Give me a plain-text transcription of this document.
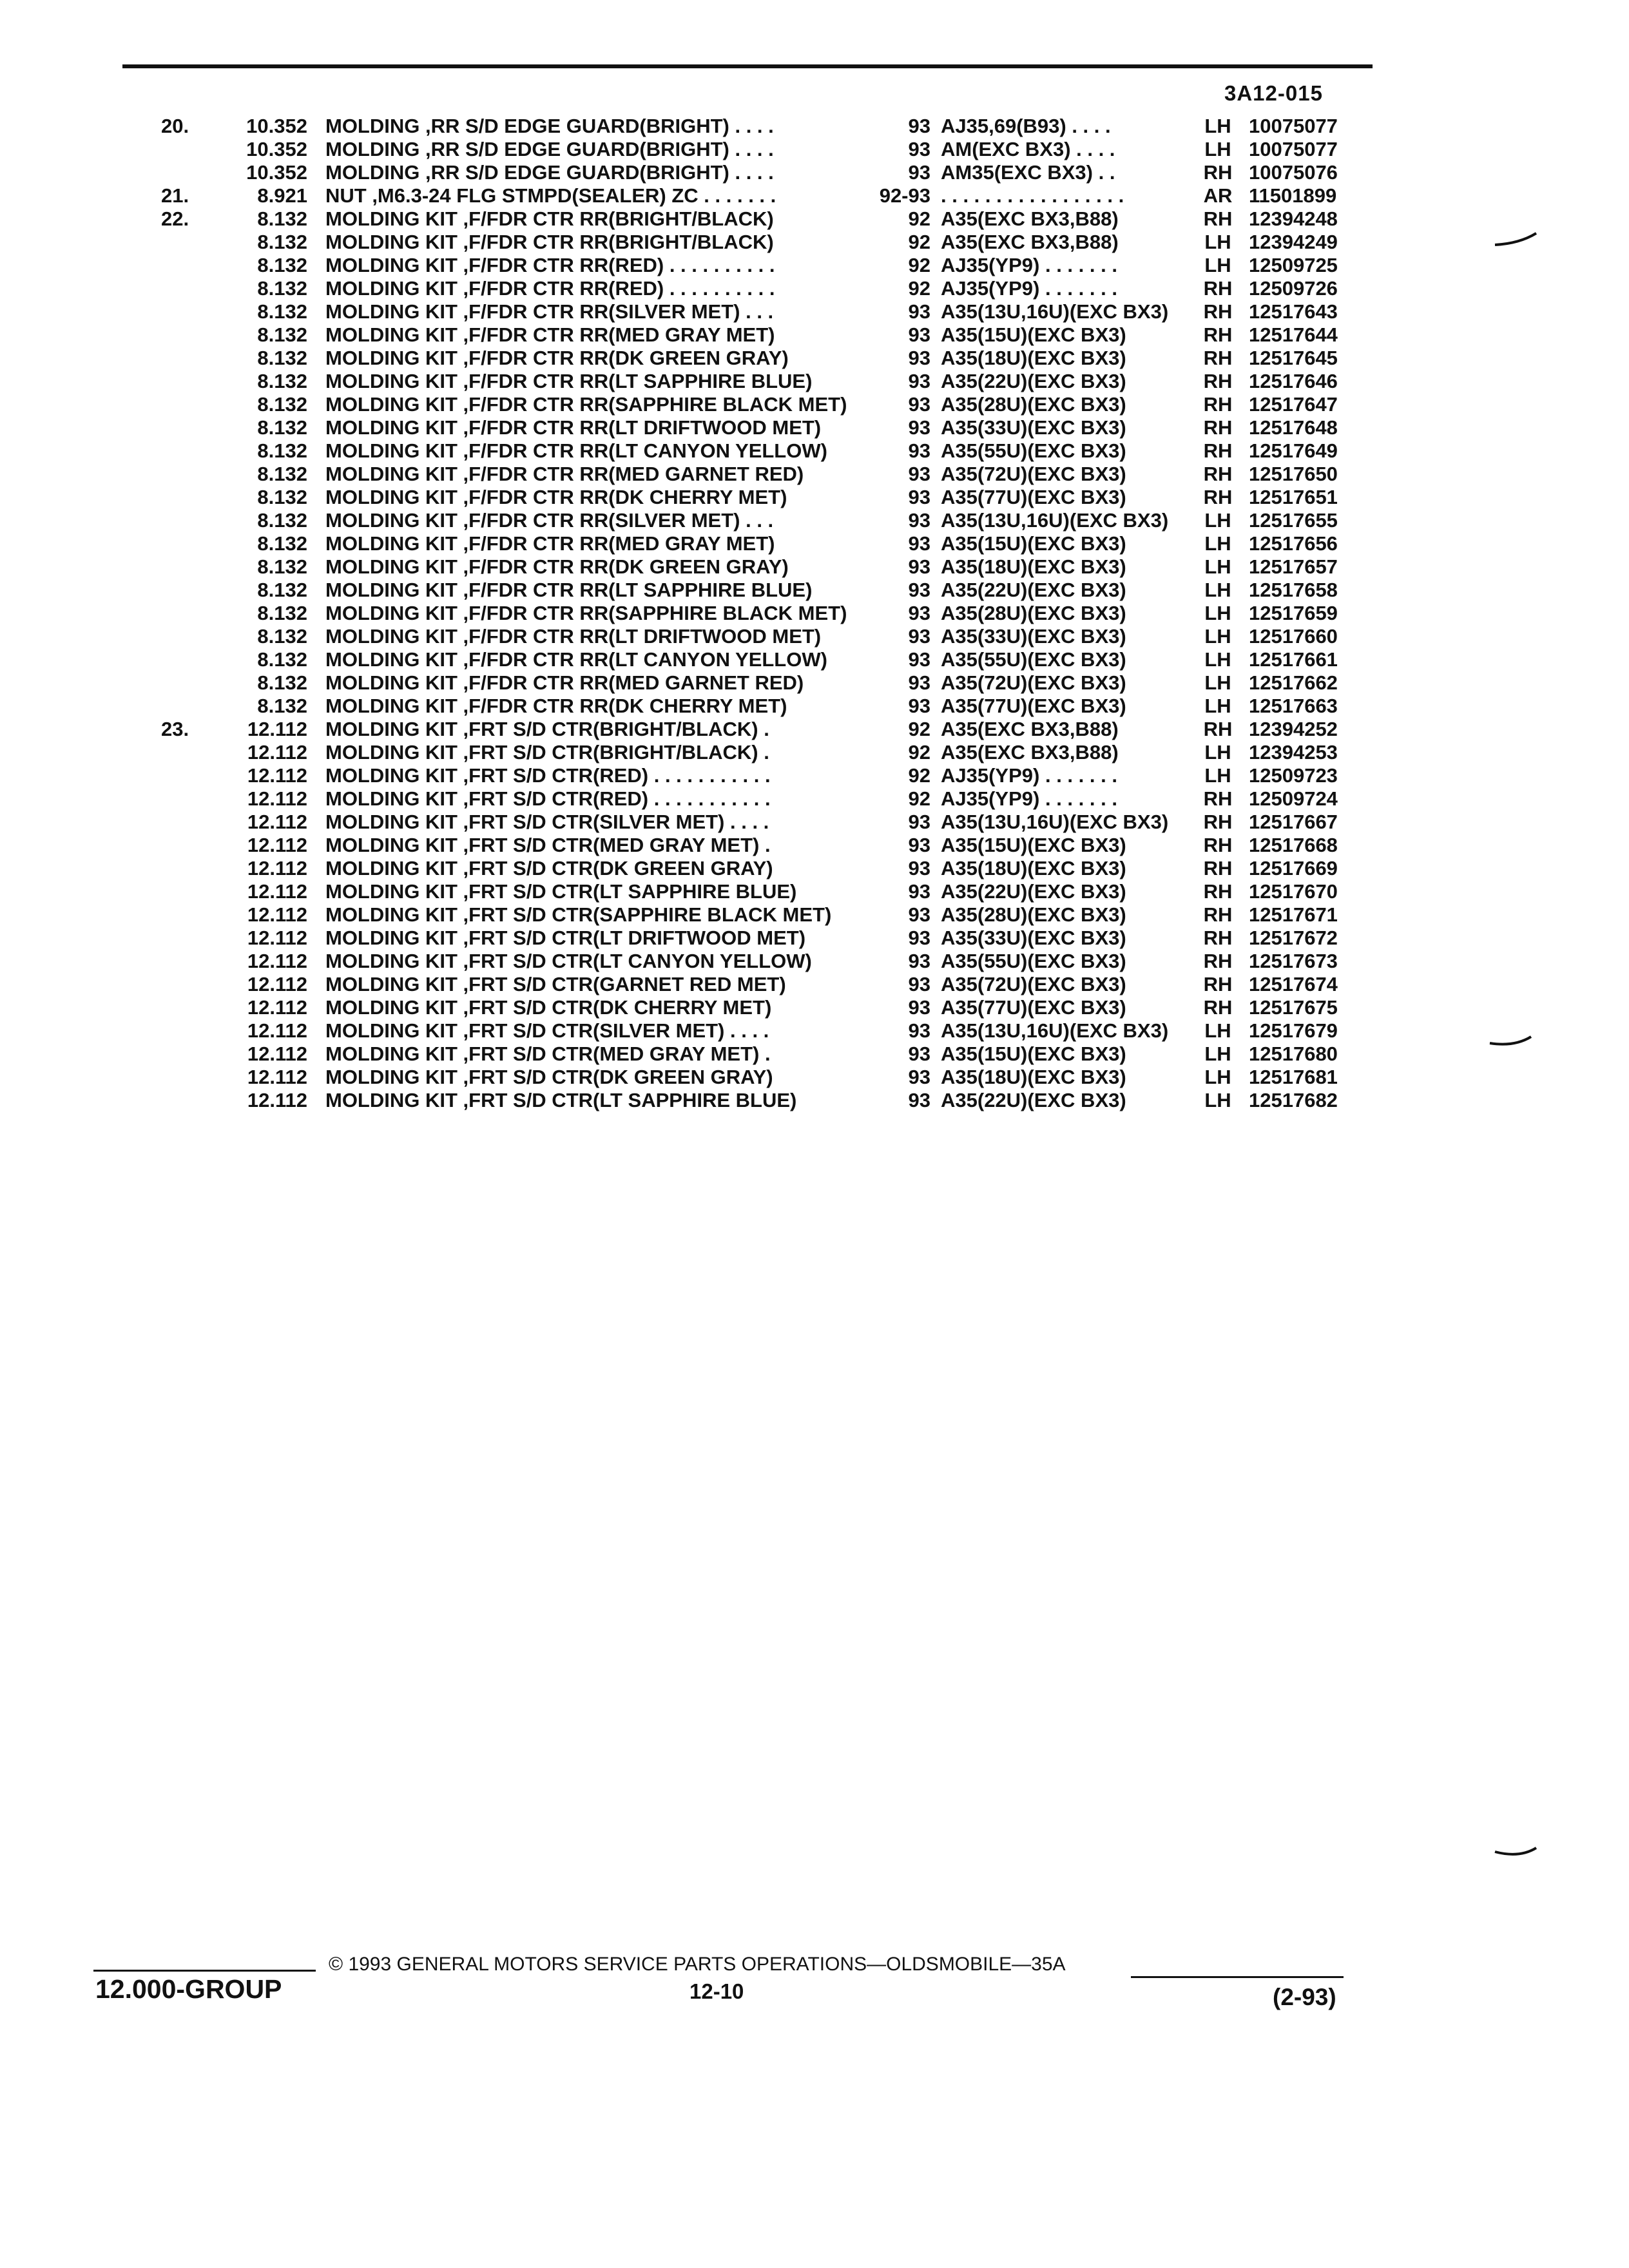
3A12-015
20.	10.352	MOLDING ,RR S/D EDGE GUARD(BRIGHT) . . . .	93	AJ35,69(B93) . . . .	LH	10075077
	10.352	MOLDING ,RR S/D EDGE GUARD(BRIGHT) . . . .	93	AM(EXC BX3) . . . .	LH	10075077
	10.352	MOLDING ,RR S/D EDGE GUARD(BRIGHT) . . . .	93	AM35(EXC BX3) . .	RH	10075076
21.	8.921	NUT ,M6.3-24 FLG STMPD(SEALER) ZC . . . . . . .	92-93	. . . . . . . . . . . . . . . . .	AR	11501899
22.	8.132	MOLDING KIT ,F/FDR CTR RR(BRIGHT/BLACK)	92	A35(EXC BX3,B88)	RH	12394248
	8.132	MOLDING KIT ,F/FDR CTR RR(BRIGHT/BLACK)	92	A35(EXC BX3,B88)	LH	12394249
	8.132	MOLDING KIT ,F/FDR CTR RR(RED) . . . . . . . . . .	92	AJ35(YP9) . . . . . . .	LH	12509725
	8.132	MOLDING KIT ,F/FDR CTR RR(RED) . . . . . . . . . .	92	AJ35(YP9) . . . . . . .	RH	12509726
	8.132	MOLDING KIT ,F/FDR CTR RR(SILVER MET) . . .	93	A35(13U,16U)(EXC BX3)	RH	12517643
	8.132	MOLDING KIT ,F/FDR CTR RR(MED GRAY MET)	93	A35(15U)(EXC BX3)	RH	12517644
	8.132	MOLDING KIT ,F/FDR CTR RR(DK GREEN GRAY)	93	A35(18U)(EXC BX3)	RH	12517645
	8.132	MOLDING KIT ,F/FDR CTR RR(LT SAPPHIRE BLUE)	93	A35(22U)(EXC BX3)	RH	12517646
	8.132	MOLDING KIT ,F/FDR CTR RR(SAPPHIRE BLACK MET)	93	A35(28U)(EXC BX3)	RH	12517647
	8.132	MOLDING KIT ,F/FDR CTR RR(LT DRIFTWOOD MET)	93	A35(33U)(EXC BX3)	RH	12517648
	8.132	MOLDING KIT ,F/FDR CTR RR(LT CANYON YELLOW)	93	A35(55U)(EXC BX3)	RH	12517649
	8.132	MOLDING KIT ,F/FDR CTR RR(MED GARNET RED)	93	A35(72U)(EXC BX3)	RH	12517650
	8.132	MOLDING KIT ,F/FDR CTR RR(DK CHERRY MET)	93	A35(77U)(EXC BX3)	RH	12517651
	8.132	MOLDING KIT ,F/FDR CTR RR(SILVER MET) . . .	93	A35(13U,16U)(EXC BX3)	LH	12517655
	8.132	MOLDING KIT ,F/FDR CTR RR(MED GRAY MET)	93	A35(15U)(EXC BX3)	LH	12517656
	8.132	MOLDING KIT ,F/FDR CTR RR(DK GREEN GRAY)	93	A35(18U)(EXC BX3)	LH	12517657
	8.132	MOLDING KIT ,F/FDR CTR RR(LT SAPPHIRE BLUE)	93	A35(22U)(EXC BX3)	LH	12517658
	8.132	MOLDING KIT ,F/FDR CTR RR(SAPPHIRE BLACK MET)	93	A35(28U)(EXC BX3)	LH	12517659
	8.132	MOLDING KIT ,F/FDR CTR RR(LT DRIFTWOOD MET)	93	A35(33U)(EXC BX3)	LH	12517660
	8.132	MOLDING KIT ,F/FDR CTR RR(LT CANYON YELLOW)	93	A35(55U)(EXC BX3)	LH	12517661
	8.132	MOLDING KIT ,F/FDR CTR RR(MED GARNET RED)	93	A35(72U)(EXC BX3)	LH	12517662
	8.132	MOLDING KIT ,F/FDR CTR RR(DK CHERRY MET)	93	A35(77U)(EXC BX3)	LH	12517663
23.	12.112	MOLDING KIT ,FRT S/D CTR(BRIGHT/BLACK) .	92	A35(EXC BX3,B88)	RH	12394252
	12.112	MOLDING KIT ,FRT S/D CTR(BRIGHT/BLACK) .	92	A35(EXC BX3,B88)	LH	12394253
	12.112	MOLDING KIT ,FRT S/D CTR(RED) . . . . . . . . . . .	92	AJ35(YP9) . . . . . . .	LH	12509723
	12.112	MOLDING KIT ,FRT S/D CTR(RED) . . . . . . . . . . .	92	AJ35(YP9) . . . . . . .	RH	12509724
	12.112	MOLDING KIT ,FRT S/D CTR(SILVER MET) . . . .	93	A35(13U,16U)(EXC BX3)	RH	12517667
	12.112	MOLDING KIT ,FRT S/D CTR(MED GRAY MET) .	93	A35(15U)(EXC BX3)	RH	12517668
	12.112	MOLDING KIT ,FRT S/D CTR(DK GREEN GRAY)	93	A35(18U)(EXC BX3)	RH	12517669
	12.112	MOLDING KIT ,FRT S/D CTR(LT SAPPHIRE BLUE)	93	A35(22U)(EXC BX3)	RH	12517670
	12.112	MOLDING KIT ,FRT S/D CTR(SAPPHIRE BLACK MET)	93	A35(28U)(EXC BX3)	RH	12517671
	12.112	MOLDING KIT ,FRT S/D CTR(LT DRIFTWOOD MET)	93	A35(33U)(EXC BX3)	RH	12517672
	12.112	MOLDING KIT ,FRT S/D CTR(LT CANYON YELLOW)	93	A35(55U)(EXC BX3)	RH	12517673
	12.112	MOLDING KIT ,FRT S/D CTR(GARNET RED MET)	93	A35(72U)(EXC BX3)	RH	12517674
	12.112	MOLDING KIT ,FRT S/D CTR(DK CHERRY MET)	93	A35(77U)(EXC BX3)	RH	12517675
	12.112	MOLDING KIT ,FRT S/D CTR(SILVER MET) . . . .	93	A35(13U,16U)(EXC BX3)	LH	12517679
	12.112	MOLDING KIT ,FRT S/D CTR(MED GRAY MET) .	93	A35(15U)(EXC BX3)	LH	12517680
	12.112	MOLDING KIT ,FRT S/D CTR(DK GREEN GRAY)	93	A35(18U)(EXC BX3)	LH	12517681
	12.112	MOLDING KIT ,FRT S/D CTR(LT SAPPHIRE BLUE)	93	A35(22U)(EXC BX3)	LH	12517682
© 1993 GENERAL MOTORS SERVICE PARTS OPERATIONS—OLDSMOBILE—35A
12.000-GROUP	12-10	(2-93)
